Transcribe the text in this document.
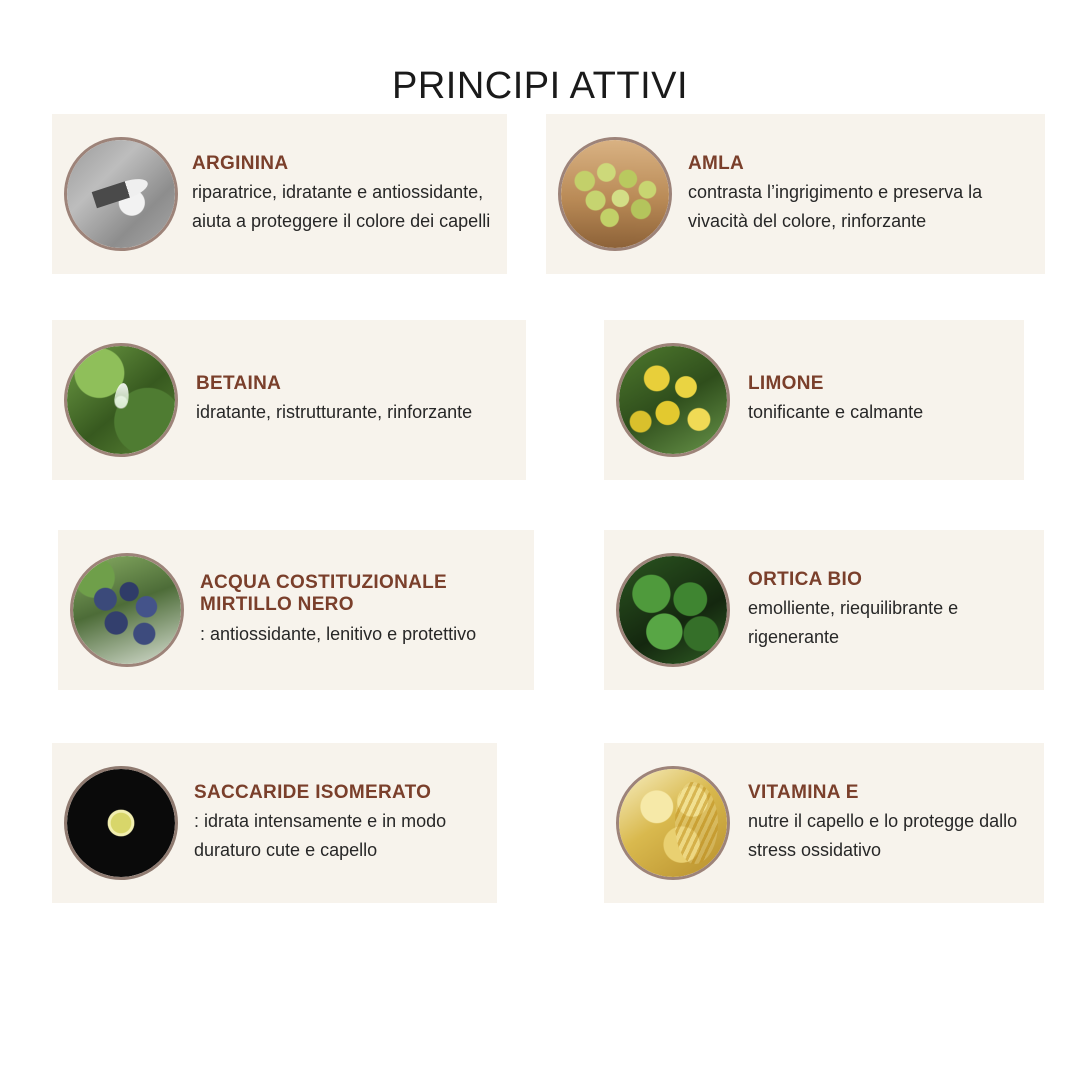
PRINCIPI ATTIVI

ARGININA

riparatrice, idratante e antiossidante, aiuta a proteggere il colore dei capelli

AMLA

contrasta l’ingrigimento e preserva la vivacità del colore, rinforzante

BETAINA

idratante, ristrutturante, rinforzante

LIMONE

tonificante e calmante

ACQUA COSTITUZIONALE MIRTILLO NERO

: antiossidante, lenitivo e protettivo

ORTICA BIO

emolliente, riequilibrante e rigenerante

SACCARIDE ISOMERATO

: idrata intensamente e in modo duraturo cute e capello

VITAMINA E

nutre il capello e lo protegge dallo stress ossidativo
